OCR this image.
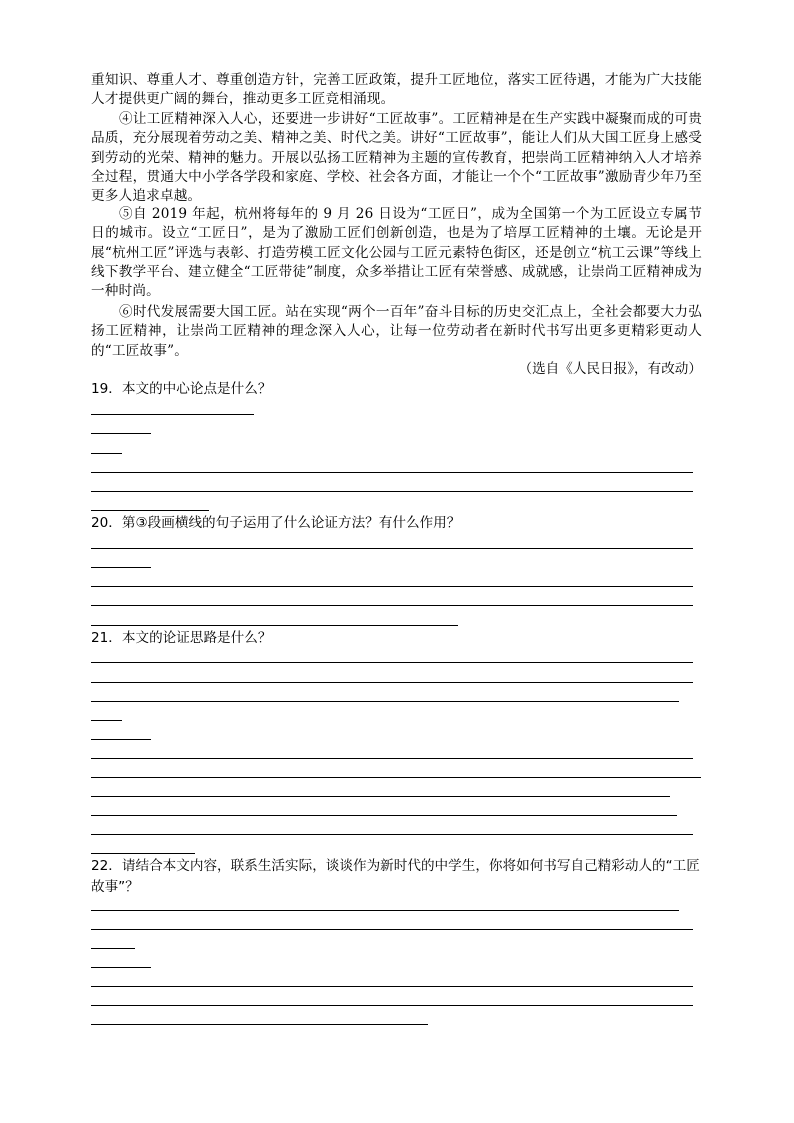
重知识、尊重人才、尊重创造方针，完善工匠政策，提升工匠地位，落实工匠待遇，才能为广大技能人才提供更广阔的舞台，推动更多工匠竞相涌现。
④让工匠精神深入人心，还要进一步讲好“工匠故事”。工匠精神是在生产实践中凝聚而成的可贵品质，充分展现着劳动之美、精神之美、时代之美。讲好“工匠故事”，能让人们从大国工匠身上感受到劳动的光荣、精神的魅力。开展以弘扬工匠精神为主题的宣传教育，把崇尚工匠精神纳入人才培养全过程，贯通大中小学各学段和家庭、学校、社会各方面，才能让一个个“工匠故事”激励青少年乃至更多人追求卓越。
⑤自 2019 年起，杭州将每年的 9 月 26 日设为“工匠日”，成为全国第一个为工匠设立专属节日的城市。设立“工匠日”，是为了激励工匠们创新创造，也是为了培厚工匠精神的土壤。无论是开展“杭州工匠”评选与表彰、打造劳模工匠文化公园与工匠元素特色街区，还是创立“杭工云课”等线上线下教学平台、建立健全“工匠带徒”制度，众多举措让工匠有荣誉感、成就感，让崇尚工匠精神成为一种时尚。
⑥时代发展需要大国工匠。站在实现“两个一百年”奋斗目标的历史交汇点上，全社会都要大力弘扬工匠精神，让崇尚工匠精神的理念深入人心，让每一位劳动者在新时代书写出更多更精彩更动人的“工匠故事”。
（选自《人民日报》，有改动）
19．本文的中心论点是什么？
20．第③段画横线的句子运用了什么论证方法？有什么作用？
21．本文的论证思路是什么？
22．请结合本文内容，联系生活实际，谈谈作为新时代的中学生，你将如何书写自己精彩动人的“工匠故事”？
